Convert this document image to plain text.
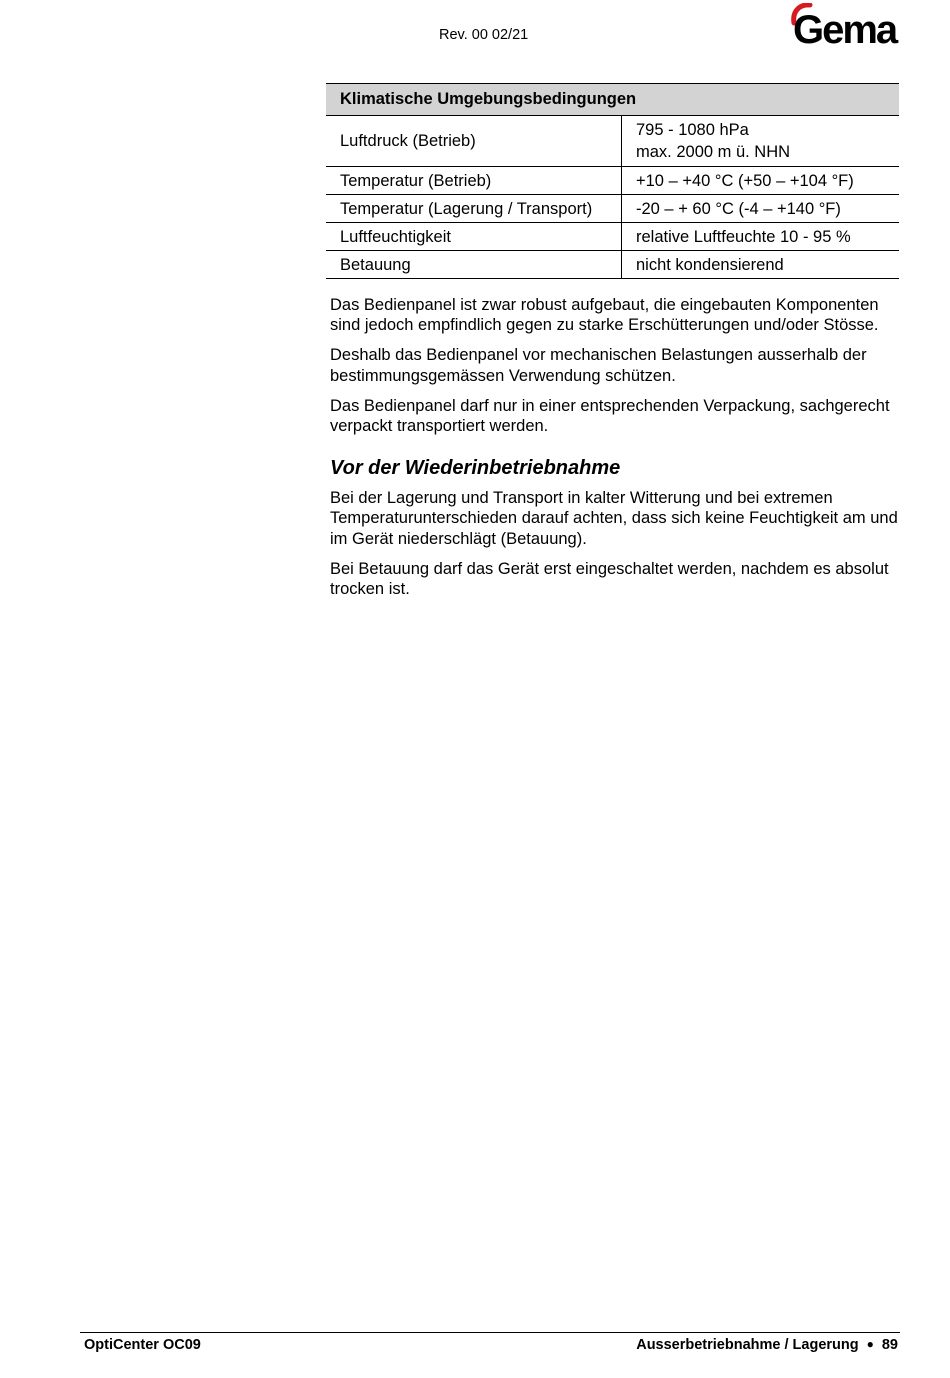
Rev. 00 02/21	Gema
Klimatische Umgebungsbedingungen	
Luftdruck (Betrieb)	795 - 1080 hPa
max. 2000 m ü. NHN

Temperatur (Betrieb)	+10 – +40 °C (+50 – +104 °F)
Temperatur (Lagerung / Transport)	-20 – + 60 °C (-4 – +140 °F)
Luftfeuchtigkeit	relative Luftfeuchte 10 - 95 %
Betauung	nicht kondensierend

Das Bedienpanel ist zwar robust aufgebaut, die eingebauten Komponenten sind jedoch empfindlich gegen zu starke Erschütterungen und/oder Stösse.

Deshalb das Bedienpanel vor mechanischen Belastungen ausserhalb der bestimmungsgemässen Verwendung schützen.

Das Bedienpanel darf nur in einer entsprechenden Verpackung, sachgerecht verpackt transportiert werden.

Vor der Wiederinbetriebnahme

Bei der Lagerung und Transport in kalter Witterung und bei extremen Temperaturunterschieden darauf achten, dass sich keine Feuchtigkeit am und im Gerät niederschlägt (Betauung).

Bei Betauung darf das Gerät erst eingeschaltet werden, nachdem es absolut trocken ist.

OptiCenter OC09	Ausserbetriebnahme / Lagerung ● 89
